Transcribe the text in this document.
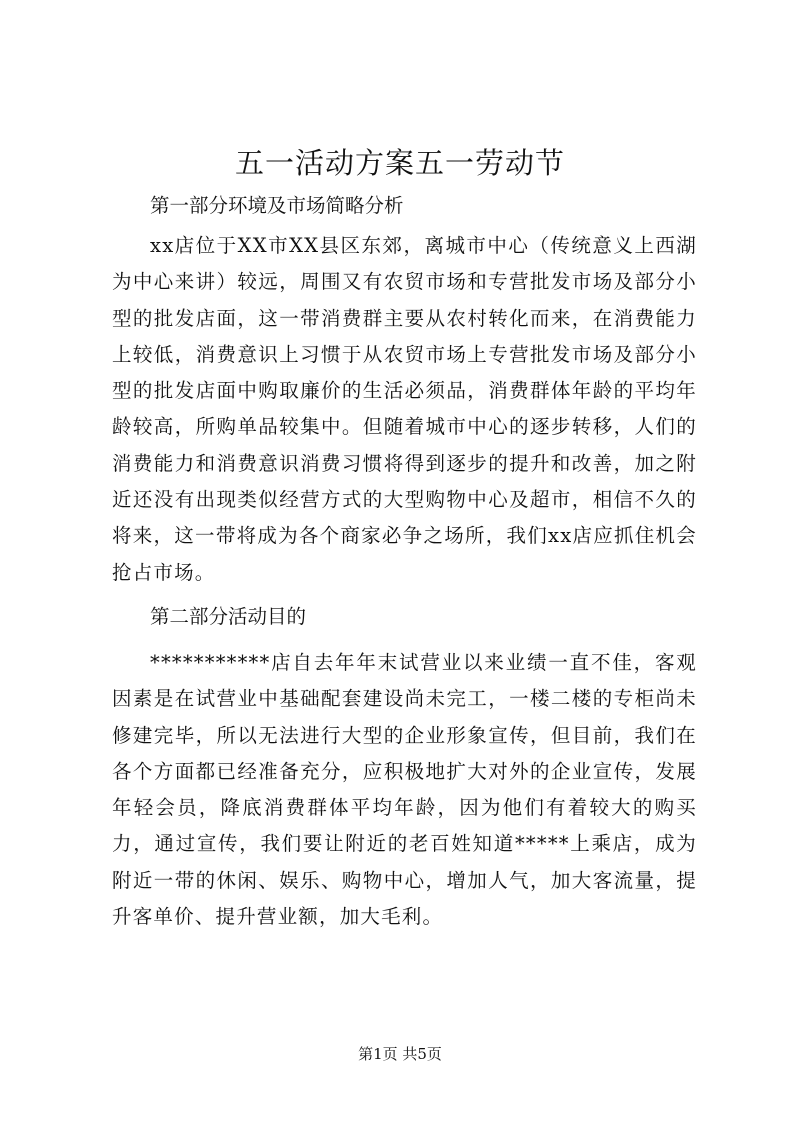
五一活动方案五一劳动节

第一部分环境及市场简略分析

xx店位于XX市XX县区东郊，离城市中心（传统意义上西湖为中心来讲）较远，周围又有农贸市场和专营批发市场及部分小型的批发店面，这一带消费群主要从农村转化而来，在消费能力上较低，消费意识上习惯于从农贸市场上专营批发市场及部分小型的批发店面中购取廉价的生活必须品，消费群体年龄的平均年龄较高，所购单品较集中。但随着城市中心的逐步转移，人们的消费能力和消费意识消费习惯将得到逐步的提升和改善，加之附近还没有出现类似经营方式的大型购物中心及超市，相信不久的将来，这一带将成为各个商家必争之场所，我们xx店应抓住机会抢占市场。

第二部分活动目的

***********店自去年年末试营业以来业绩一直不佳，客观因素是在试营业中基础配套建设尚未完工，一楼二楼的专柜尚未修建完毕，所以无法进行大型的企业形象宣传，但目前，我们在各个方面都已经准备充分，应积极地扩大对外的企业宣传，发展年轻会员，降底消费群体平均年龄，因为他们有着较大的购买力，通过宣传，我们要让附近的老百姓知道*****上乘店，成为附近一带的休闲、娱乐、购物中心，增加人气，加大客流量，提升客单价、提升营业额，加大毛利。

第1页 共5页
